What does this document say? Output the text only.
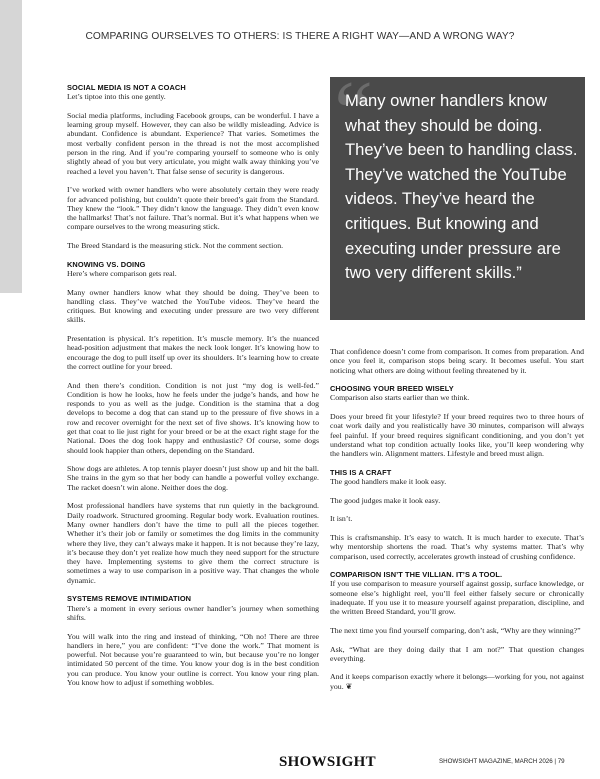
COMPARING OURSELVES TO OTHERS: IS THERE A RIGHT WAY—AND A WRONG WAY?
SOCIAL MEDIA IS NOT A COACH

Let’s tiptoe into this one gently.

Social media platforms, including Facebook groups, can be wonderful. I have a learning group myself. However, they can also be wildly misleading. Advice is abundant. Confidence is abundant. Experience? That varies. Sometimes the most verbally confident person in the thread is not the most accomplished person in the ring. And if you’re comparing yourself to someone who is only slightly ahead of you but very articulate, you might walk away thinking you’ve reached a level you haven’t. That false sense of security is dangerous.

I’ve worked with owner handlers who were absolutely certain they were ready for advanced polishing, but couldn’t quote their breed’s gait from the Standard. They knew the “look.” They didn’t know the language. They didn’t even know the hallmarks! That’s not failure. That’s normal. But it’s what happens when we compare ourselves to the wrong measuring stick.

The Breed Standard is the measuring stick. Not the comment section.

KNOWING VS. DOING

Here’s where comparison gets real.

Many owner handlers know what they should be doing. They’ve been to handling class. They’ve watched the YouTube videos. They’ve heard the critiques. But knowing and executing under pressure are two very different skills.

Presentation is physical. It’s repetition. It’s muscle memory. It’s the nuanced head-position adjustment that makes the neck look longer. It’s knowing how to encourage the dog to pull itself up over its shoulders. It’s learning how to create the correct outline for your breed.

And then there’s condition. Condition is not just “my dog is well-fed.” Condition is how he looks, how he feels under the judge’s hands, and how he responds to you as well as the judge. Condition is the stamina that a dog develops to become a dog that can stand up to the pressure of five shows in a row and recover overnight for the next set of five shows. It’s knowing how to get that coat to lie just right for your breed or be at the exact right stage for the National. Does the dog look happy and enthusiastic? Of course, some dogs should look happier than others, depending on the Standard.

Show dogs are athletes. A top tennis player doesn’t just show up and hit the ball. She trains in the gym so that her body can handle a powerful volley exchange. The racket doesn’t win alone. Neither does the dog.

Most professional handlers have systems that run quietly in the background. Daily roadwork. Structured grooming. Regular body work. Evaluation routines. Many owner handlers don’t have the time to pull all the pieces together. Whether it’s their job or family or sometimes the dog limits in the community where they live, they can’t always make it happen. It is not because they’re lazy, it’s because they don’t yet realize how much they need support for the structure they have. Implementing systems to give them the correct structure is sometimes a way to use comparison in a positive way. That changes the whole dynamic.

SYSTEMS REMOVE INTIMIDATION

There’s a moment in every serious owner handler’s journey when something shifts.

You will walk into the ring and instead of thinking, “Oh no! There are three handlers in here,” you are confident: “I’ve done the work.” That moment is powerful. Not because you’re guaranteed to win, but because you’re no longer intimidated 50 percent of the time. You know your dog is in the best condition you can produce. You know your outline is correct. You know your ring plan. You know how to adjust if something wobbles.

“
Many owner handlers know what they should be doing. They’ve been to handling class. They’ve watched the YouTube videos. They’ve heard the critiques. But knowing and executing under pressure are two very different skills.”

That confidence doesn’t come from comparison. It comes from preparation. And once you feel it, comparison stops being scary. It becomes useful. You start noticing what others are doing without feeling threatened by it.

CHOOSING YOUR BREED WISELY

Comparison also starts earlier than we think.

Does your breed fit your lifestyle? If your breed requires two to three hours of coat work daily and you realistically have 30 minutes, comparison will always feel painful. If your breed requires significant conditioning, and you don’t yet understand what top condition actually looks like, you’ll keep wondering why the handlers win. Alignment matters. Lifestyle and breed must align.

THIS IS A CRAFT

The good handlers make it look easy.

The good judges make it look easy.

It isn’t.

This is craftsmanship. It’s easy to watch. It is much harder to execute. That’s why mentorship shortens the road. That’s why systems matter. That’s why comparison, used correctly, accelerates growth instead of crushing confidence.

COMPARISON ISN’T THE VILLIAN. IT’S A TOOL.

If you use comparison to measure yourself against gossip, surface knowledge, or someone else’s highlight reel, you’ll feel either falsely secure or chronically inadequate. If you use it to measure yourself against preparation, discipline, and the written Breed Standard, you’ll grow.

The next time you find yourself comparing, don’t ask, “Why are they winning?”

Ask, “What are they doing daily that I am not?” That question changes everything.

And it keeps comparison exactly where it belongs—working for you, not against you. ❦

SHOWSIGHT	SHOWSIGHT MAGAZINE, MARCH 2026 | 79
